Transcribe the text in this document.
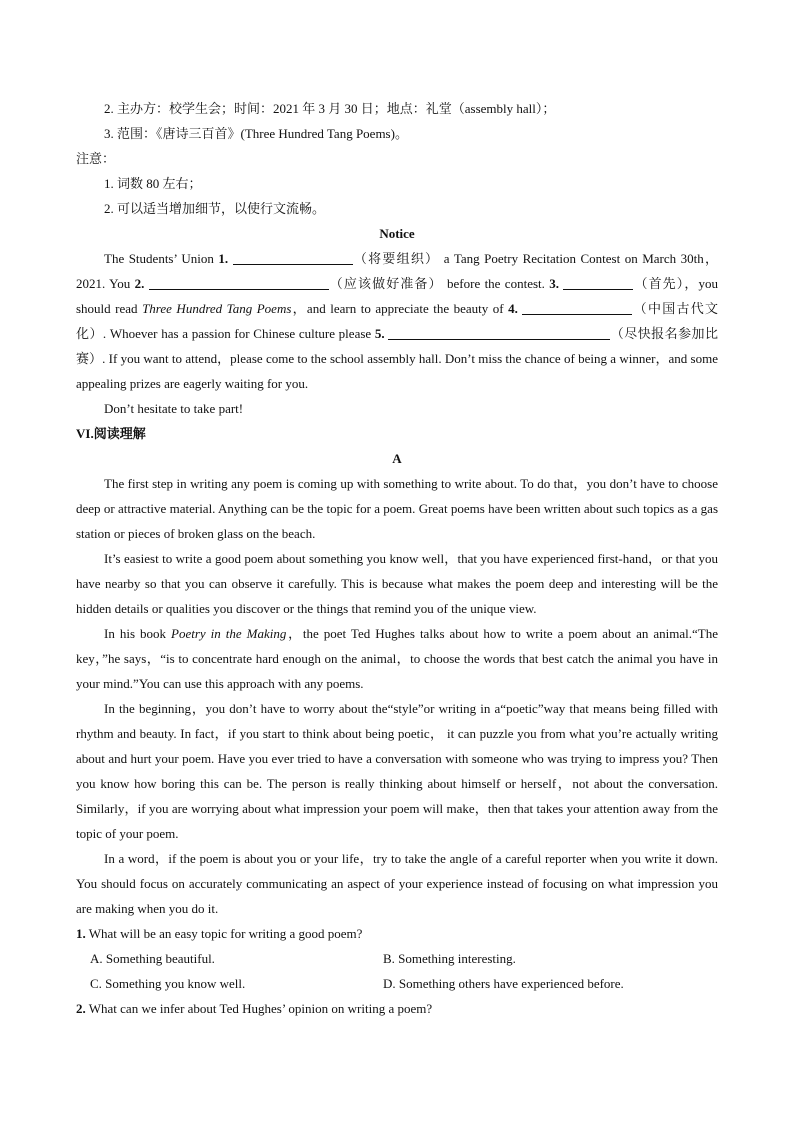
2. 主办方：校学生会；时间：2021 年 3 月 30 日；地点：礼堂（assembly hall）；

3. 范围：《唐诗三百首》(Three Hundred Tang Poems)。

注意：

1. 词数 80 左右；

2. 可以适当增加细节，以使行文流畅。

Notice

The Students’ Union 1.	（将要组织） a Tang Poetry Recitation Contest on March 30th，2021. You 2.	（应该做好准备） before the contest. 3.	（首先），you should read Three Hundred Tang Poems，and learn to appreciate the beauty of 4.	（中国古代文化）. Whoever has a passion for Chinese culture please 5.	（尽快报名参加比赛）. If you want to attend，please come to the school assembly hall. Don’t miss the chance of being a winner，and some appealing prizes are eagerly waiting for you.

Don’t hesitate to take part!

VI.阅读理解

A

The first step in writing any poem is coming up with something to write about. To do that，you don’t have to choose deep or attractive material. Anything can be the topic for a poem. Great poems have been written about such topics as a gas station or pieces of broken glass on the beach.

It’s easiest to write a good poem about something you know well，that you have experienced first-hand，or that you have nearby so that you can observe it carefully. This is because what makes the poem deep and interesting will be the hidden details or qualities you discover or the things that remind you of the unique view.

In his book Poetry in the Making，the poet Ted Hughes talks about how to write a poem about an animal.“The key，”he says，“is to concentrate hard enough on the animal，to choose the words that best catch the animal you have in your mind.”You can use this approach with any poems.

In the beginning，you don’t have to worry about the“style”or writing in a“poetic”way that means being filled with rhythm and beauty. In fact，if you start to think about being poetic， it can puzzle you from what you’re actually writing about and hurt your poem. Have you ever tried to have a conversation with someone who was trying to impress you? Then you know how boring this can be. The person is really thinking about himself or herself，not about the conversation. Similarly，if you are worrying about what impression your poem will make，then that takes your attention away from the topic of your poem.

In a word，if the poem is about you or your life，try to take the angle of a careful reporter when you write it down. You should focus on accurately communicating an aspect of your experience instead of focusing on what impression you are making when you do it.

1. What will be an easy topic for writing a good poem?

A. Something beautiful.	B. Something interesting.
C. Something you know well.	D. Something others have experienced before.

2. What can we infer about Ted Hughes’ opinion on writing a poem?
